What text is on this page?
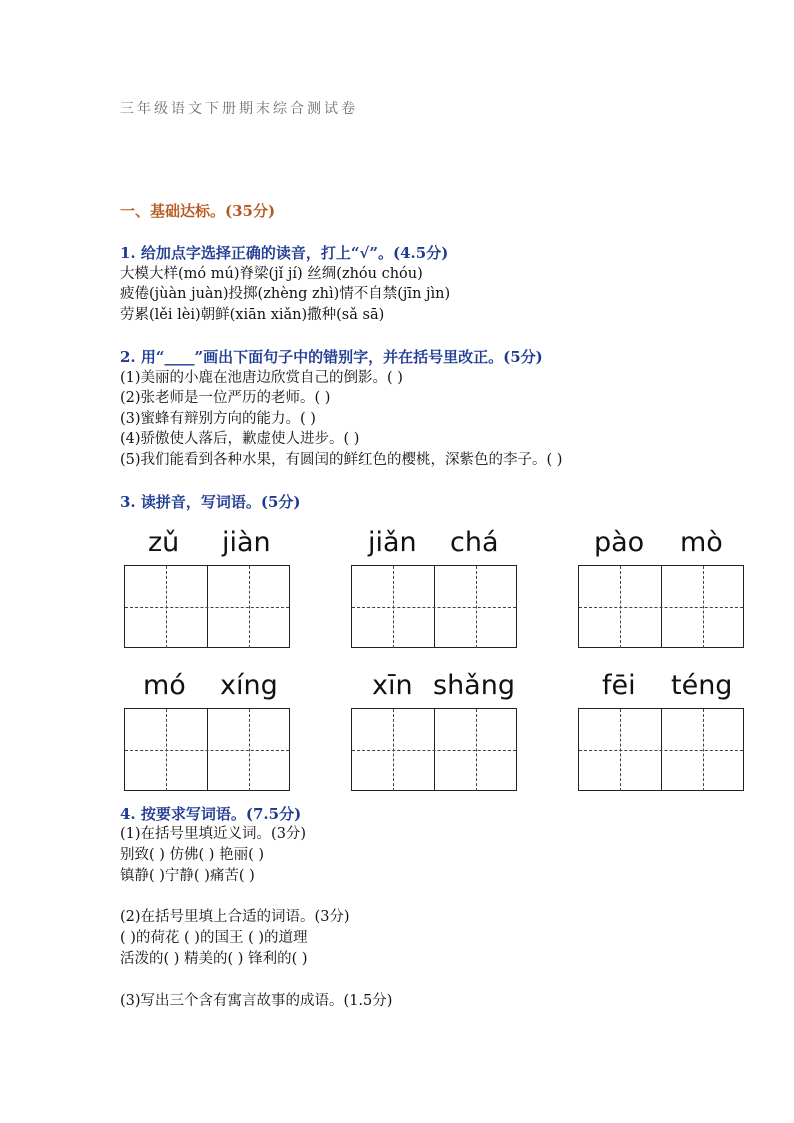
三年级语文下册期末综合测试卷
一、基础达标。(35分)
1. 给加点字选择正确的读音，打上“√”。(4.5分)
大模大样(mó mú)脊梁(jǐ jí) 丝绸(zhóu chóu)
疲倦(jùàn juàn)投掷(zhèng zhì)情不自禁(jīn jìn)
劳累(lěi lèi)朝鲜(xiān xiǎn)撒种(sǎ sā)
2. 用“____”画出下面句子中的错别字，并在括号里改正。(5分)
(1)美丽的小鹿在池唐边欣赏自己的倒影。( )
(2)张老师是一位严历的老师。( )
(3)蜜蜂有辩别方向的能力。( )
(4)骄傲使人落后，歉虚使人进步。( )
(5)我们能看到各种水果，有圆闰的鲜红色的樱桃，深紫色的李子。( )
3. 读拼音，写词语。(5分)
zǔ jiàn	jiǎn chá	pào mò
mó xíng	xīn shǎng	fēi téng
4. 按要求写词语。(7.5分)
(1)在括号里填近义词。(3分)
别致( ) 仿佛( ) 艳丽( )
镇静( )宁静( )痛苦( )
(2)在括号里填上合适的词语。(3分)
( )的荷花 ( )的国王 ( )的道理
活泼的( ) 精美的( ) 锋利的( )
(3)写出三个含有寓言故事的成语。(1.5分)
